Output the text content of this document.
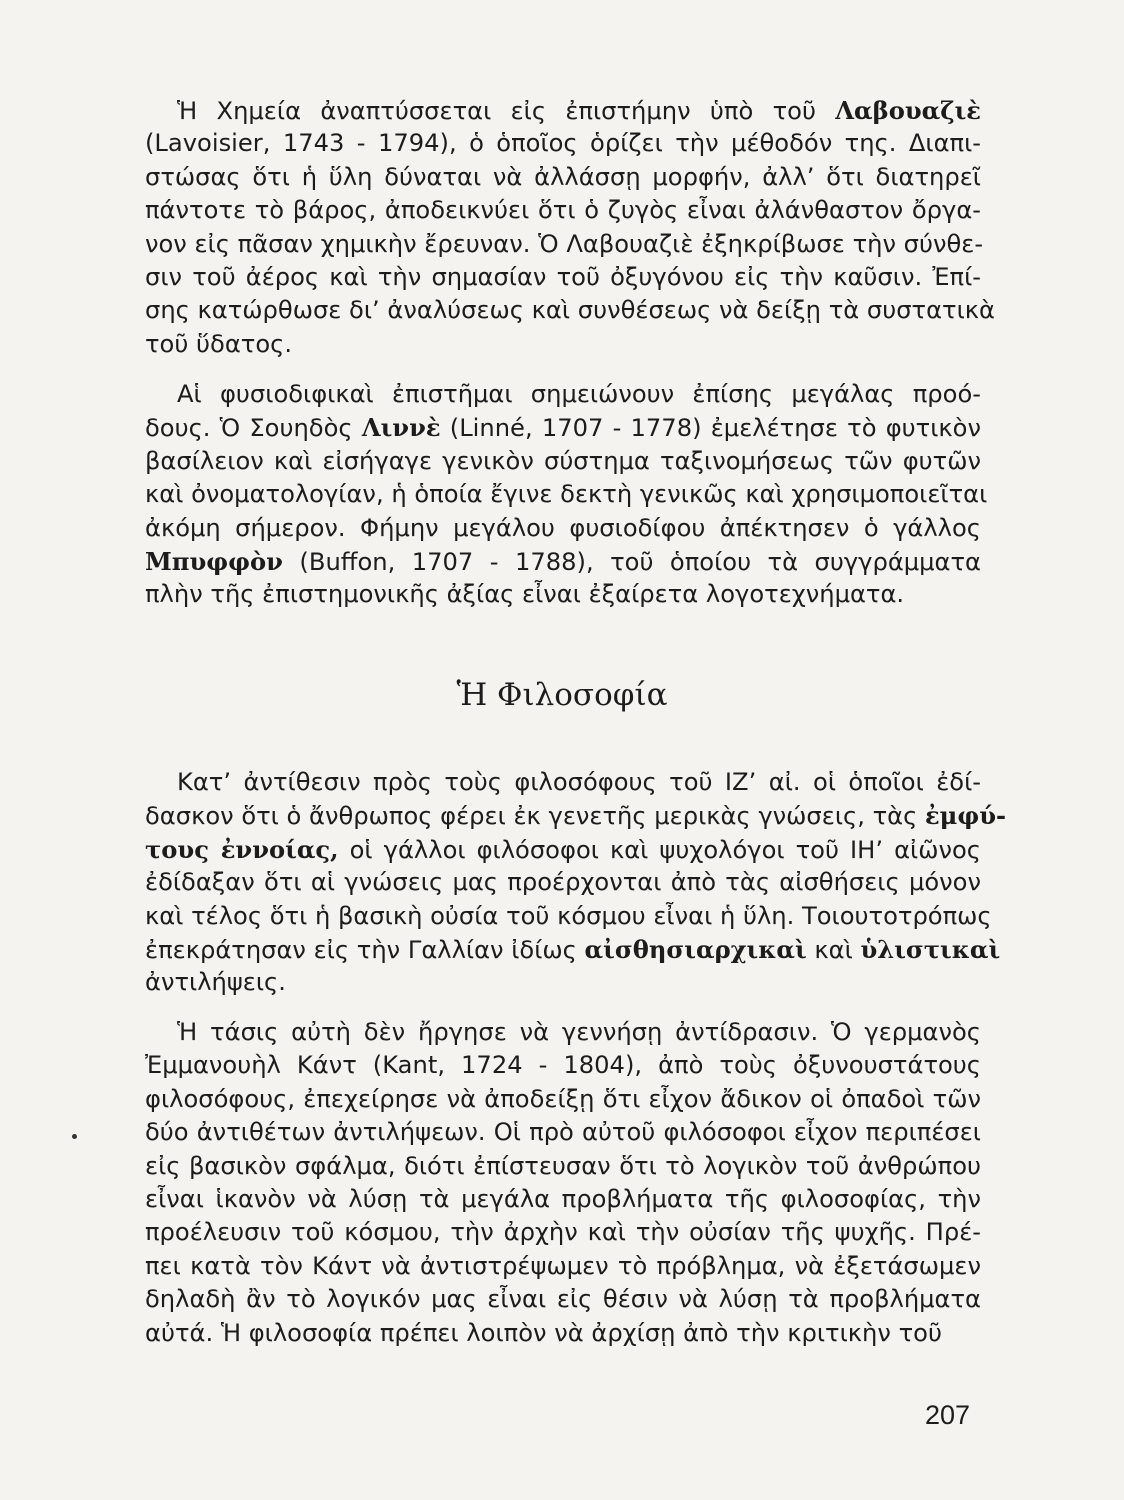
Ἡ Χημεία ἀναπτύσσεται εἰς ἐπιστήμην ὑπὸ τοῦ Λαβουαζιὲ
(Lavoisier, 1743 - 1794), ὁ ὁποῖος ὁρίζει τὴν μέθοδόν της. Διαπι-
στώσας ὅτι ἡ ὕλη δύναται νὰ ἀλλάσσῃ μορφήν, ἀλλ’ ὅτι διατηρεῖ
πάντοτε τὸ βάρος, ἀποδεικνύει ὅτι ὁ ζυγὸς εἶναι ἀλάνθαστον ὄργα-
νον εἰς πᾶσαν χημικὴν ἔρευναν. Ὁ Λαβουαζιὲ ἐξηκρίβωσε τὴν σύνθε-
σιν τοῦ ἀέρος καὶ τὴν σημασίαν τοῦ ὀξυγόνου εἰς τὴν καῦσιν. Ἐπί-
σης κατώρθωσε δι’ ἀναλύσεως καὶ συνθέσεως νὰ δείξῃ τὰ συστατικὰ
τοῦ ὕδατος.
Αἱ φυσιοδιφικαὶ ἐπιστῆμαι σημειώνουν ἐπίσης μεγάλας προό-
δους. Ὁ Σουηδὸς Λιννὲ (Linné, 1707 - 1778) ἐμελέτησε τὸ φυτικὸν
βασίλειον καὶ εἰσήγαγε γενικὸν σύστημα ταξινομήσεως τῶν φυτῶν
καὶ ὀνοματολογίαν, ἡ ὁποία ἔγινε δεκτὴ γενικῶς καὶ χρησιμοποιεῖται
ἀκόμη σήμερον. Φήμην μεγάλου φυσιοδίφου ἀπέκτησεν ὁ γάλλος
Μπυφφὸν (Buffon, 1707 - 1788), τοῦ ὁποίου τὰ συγγράμματα
πλὴν τῆς ἐπιστημονικῆς ἀξίας εἶναι ἐξαίρετα λογοτεχνήματα.
Ἡ Φιλοσοφία
Κατ’ ἀντίθεσιν πρὸς τοὺς φιλοσόφους τοῦ ΙΖ’ αἰ. οἱ ὁποῖοι ἐδί-
δασκον ὅτι ὁ ἄνθρωπος φέρει ἐκ γενετῆς μερικὰς γνώσεις, τὰς ἐμφύ-
τους ἐννοίας, οἱ γάλλοι φιλόσοφοι καὶ ψυχολόγοι τοῦ ΙΗ’ αἰῶνος
ἐδίδαξαν ὅτι αἱ γνώσεις μας προέρχονται ἀπὸ τὰς αἰσθήσεις μόνον
καὶ τέλος ὅτι ἡ βασικὴ οὐσία τοῦ κόσμου εἶναι ἡ ὕλη. Τοιουτοτρόπως
ἐπεκράτησαν εἰς τὴν Γαλλίαν ἰδίως αἰσθησιαρχικαὶ καὶ ὑλιστικαὶ
ἀντιλήψεις.
Ἡ τάσις αὐτὴ δὲν ἤργησε νὰ γεννήσῃ ἀντίδρασιν. Ὁ γερμανὸς
Ἐμμανουὴλ Κάντ (Kant, 1724 - 1804), ἀπὸ τοὺς ὀξυνουστάτους
φιλοσόφους, ἐπεχείρησε νὰ ἀποδείξῃ ὅτι εἶχον ἄδικον οἱ ὀπαδοὶ τῶν
δύο ἀντιθέτων ἀντιλήψεων. Οἱ πρὸ αὐτοῦ φιλόσοφοι εἶχον περιπέσει
εἰς βασικὸν σφάλμα, διότι ἐπίστευσαν ὅτι τὸ λογικὸν τοῦ ἀνθρώπου
εἶναι ἱκανὸν νὰ λύσῃ τὰ μεγάλα προβλήματα τῆς φιλοσοφίας, τὴν
προέλευσιν τοῦ κόσμου, τὴν ἀρχὴν καὶ τὴν οὐσίαν τῆς ψυχῆς. Πρέ-
πει κατὰ τὸν Κάντ νὰ ἀντιστρέψωμεν τὸ πρόβλημα, νὰ ἐξετάσωμεν
δηλαδὴ ἂν τὸ λογικόν μας εἶναι εἰς θέσιν νὰ λύσῃ τὰ προβλήματα
αὐτά. Ἡ φιλοσοφία πρέπει λοιπὸν νὰ ἀρχίσῃ ἀπὸ τὴν κριτικὴν τοῦ
207
